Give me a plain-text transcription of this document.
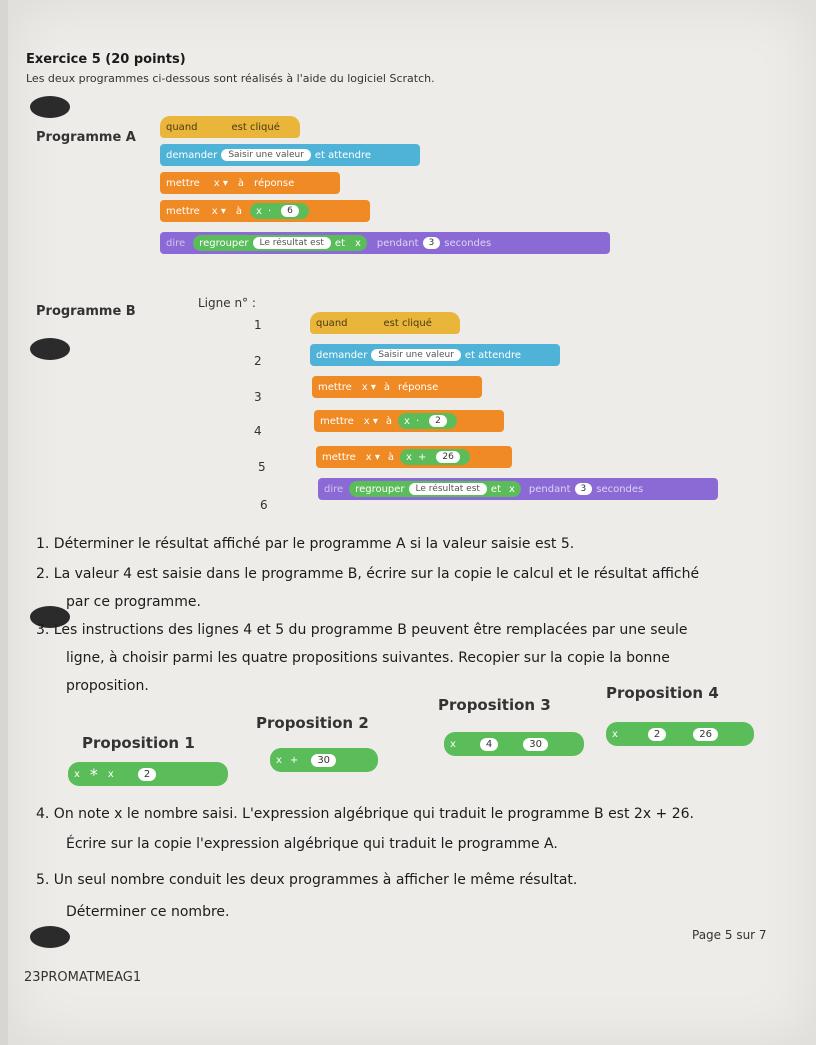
Exercice 5 (20 points)
Les deux programmes ci-dessous sont réalisés à l'aide du logiciel Scratch.
Programme A
quand	est cliqué
demander	Saisir une valeur	et attendre
mettre x ▾ à réponse
mettre x ▾ à x ·	6
dire regrouper	Le résultat est	et x pendant	3	secondes
Programme B
Ligne n° :
1
2
3
4
5
6
quand	est cliqué
demander	Saisir une valeur	et attendre
mettre x ▾ à réponse
mettre x ▾ à x ·	2
mettre x ▾ à x +	26
dire regrouper	Le résultat est	et x pendant	3	secondes
1. Déterminer le résultat affiché par le programme A si la valeur saisie est 5.
2. La valeur 4 est saisie dans le programme B, écrire sur la copie le calcul et le résultat affiché
par ce programme.
3. Les instructions des lignes 4 et 5 du programme B peuvent être remplacées par une seule
ligne, à choisir parmi les quatre propositions suivantes. Recopier sur la copie la bonne
proposition.
Proposition 1
x * x	2
Proposition 2
x +	30
Proposition 3
x	4	30
Proposition 4
x	2	26
4. On note x le nombre saisi. L'expression algébrique qui traduit le programme B est 2x + 26.
Écrire sur la copie l'expression algébrique qui traduit le programme A.
5. Un seul nombre conduit les deux programmes à afficher le même résultat.
Déterminer ce nombre.
Page 5 sur 7
23PROMATMEAG1
